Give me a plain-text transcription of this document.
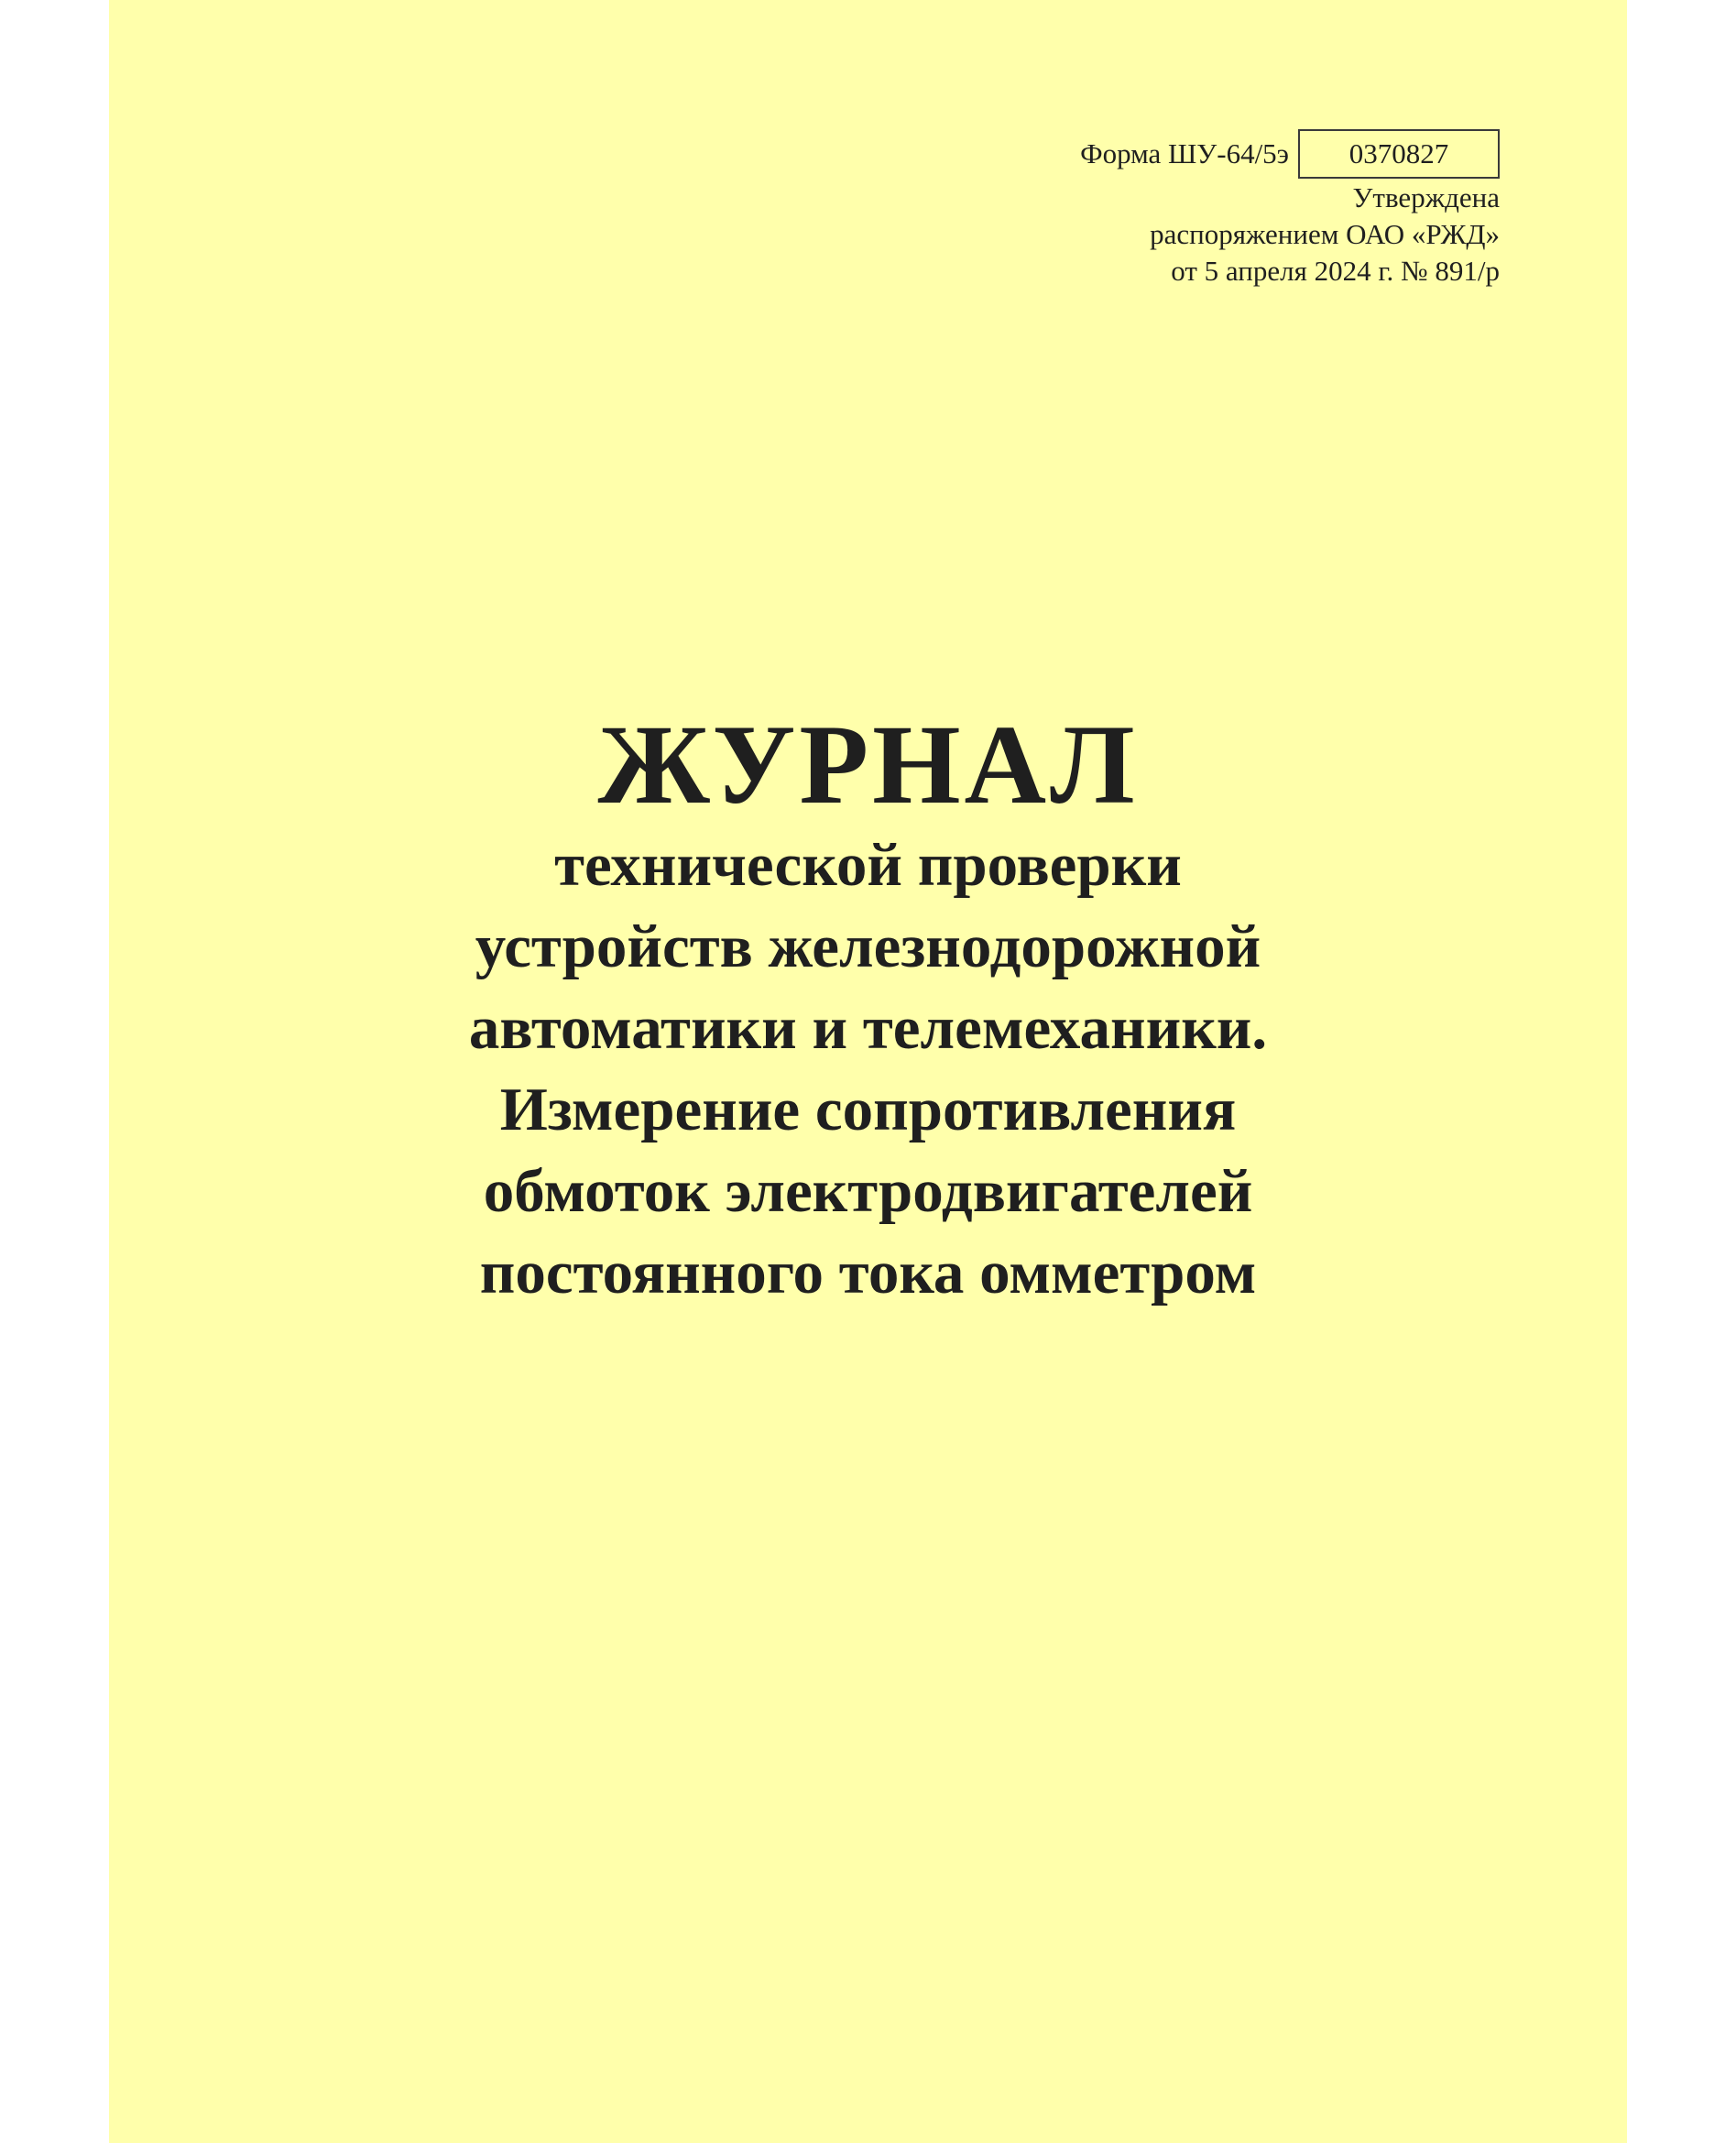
Форма ШУ-64/5э	0370827
Утверждена
распоряжением ОАО «РЖД»
от 5 апреля 2024 г. № 891/р
ЖУРНАЛ
технической проверки
устройств железнодорожной
автоматики и телемеханики.
Измерение сопротивления
обмоток электродвигателей
постоянного тока омметром
